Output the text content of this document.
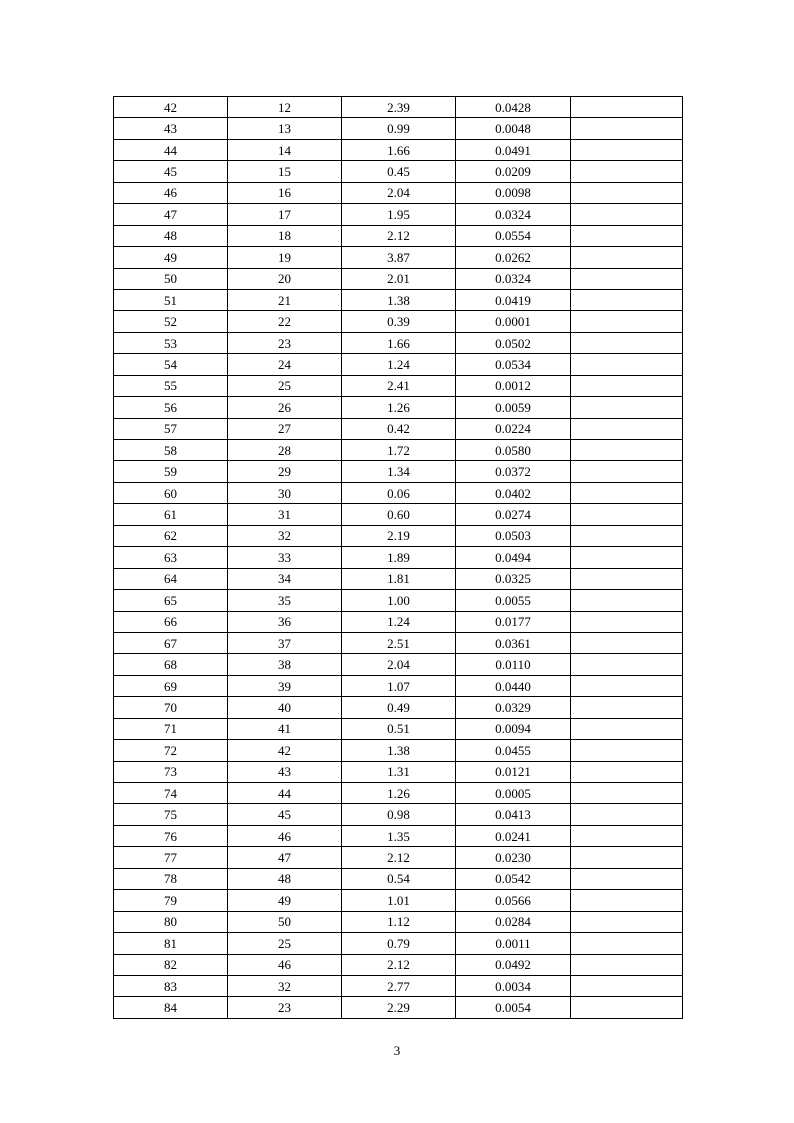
42	12	2.39	0.0428	
43	13	0.99	0.0048	
44	14	1.66	0.0491	
45	15	0.45	0.0209	
46	16	2.04	0.0098	
47	17	1.95	0.0324	
48	18	2.12	0.0554	
49	19	3.87	0.0262	
50	20	2.01	0.0324	
51	21	1.38	0.0419	
52	22	0.39	0.0001	
53	23	1.66	0.0502	
54	24	1.24	0.0534	
55	25	2.41	0.0012	
56	26	1.26	0.0059	
57	27	0.42	0.0224	
58	28	1.72	0.0580	
59	29	1.34	0.0372	
60	30	0.06	0.0402	
61	31	0.60	0.0274	
62	32	2.19	0.0503	
63	33	1.89	0.0494	
64	34	1.81	0.0325	
65	35	1.00	0.0055	
66	36	1.24	0.0177	
67	37	2.51	0.0361	
68	38	2.04	0.0110	
69	39	1.07	0.0440	
70	40	0.49	0.0329	
71	41	0.51	0.0094	
72	42	1.38	0.0455	
73	43	1.31	0.0121	
74	44	1.26	0.0005	
75	45	0.98	0.0413	
76	46	1.35	0.0241	
77	47	2.12	0.0230	
78	48	0.54	0.0542	
79	49	1.01	0.0566	
80	50	1.12	0.0284	
81	25	0.79	0.0011	
82	46	2.12	0.0492	
83	32	2.77	0.0034	
84	23	2.29	0.0054	
3
